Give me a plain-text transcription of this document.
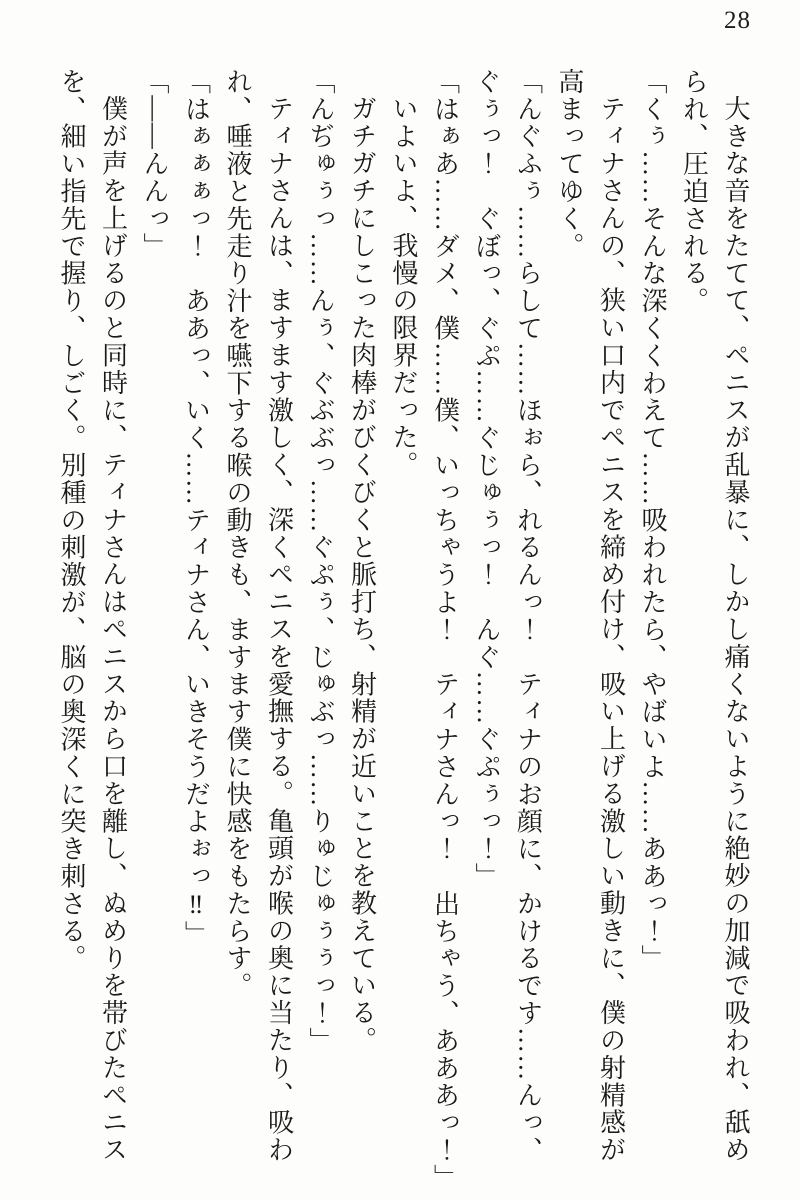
28

大きな音をたてて、ペニスが乱暴に、しかし痛くないように絶妙の加減で吸われ、舐め

られ、圧迫される。

「くぅ……そんな深くくわえて……吸われたら、やばいよ……ああっ！」

ティナさんの、狭い口内でペニスを締め付け、吸い上げる激しい動きに、僕の射精感が

高まってゆく。

「んぐふぅ……らして……ほぉら、れるんっ！　ティナのお顔に、かけるです……んっ、

ぐぅっ！　ぐぼっ、ぐぷ……ぐじゅぅっ！　んぐ……ぐぷぅっ！」

「はぁあ……ダメ、僕……僕、いっちゃうよ！　ティナさんっ！　出ちゃう、あああっ！」

いよいよ、我慢の限界だった。

ガチガチにしこった肉棒がびくびくと脈打ち、射精が近いことを教えている。

「んぢゅぅっ……んぅ、ぐぶぶっ……ぐぷぅ、じゅぶっ……りゅじゅぅぅっ！」

ティナさんは、ますます激しく、深くペニスを愛撫する。亀頭が喉の奥に当たり、吸わ

れ、唾液と先走り汁を嚥下する喉の動きも、ますます僕に快感をもたらす。

「はぁぁぁっ！　ああっ、いく……ティナさん、いきそうだよぉっ‼」

「――んんっ」

僕が声を上げるのと同時に、ティナさんはペニスから口を離し、ぬめりを帯びたペニス

を、細い指先で握り、しごく。別種の刺激が、脳の奥深くに突き刺さる。
